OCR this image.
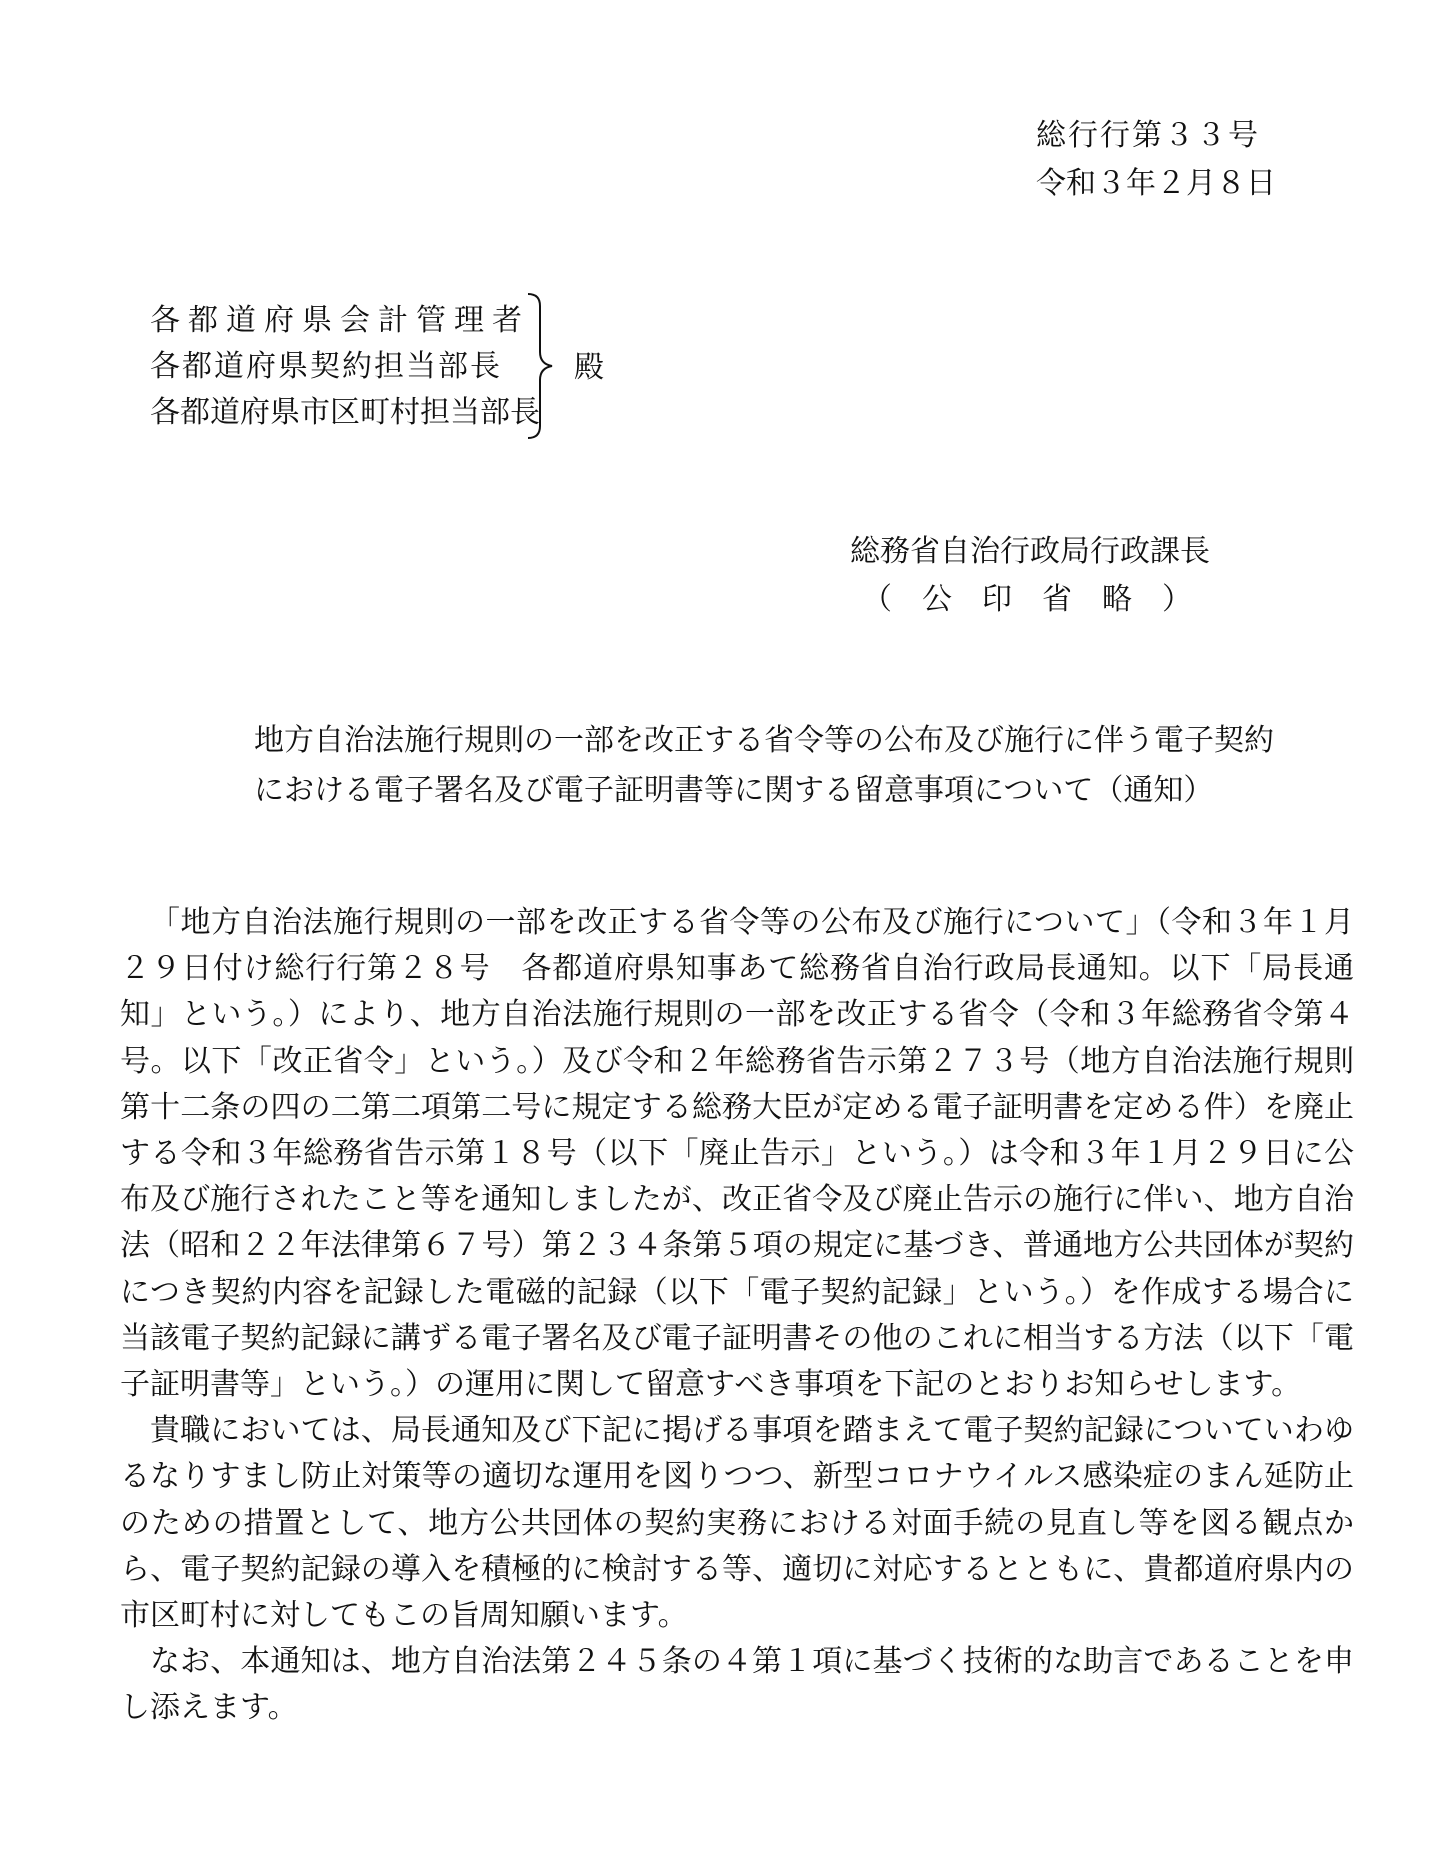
総行行第３３号
令和３年２月８日
各都道府県会計管理者
各都道府県契約担当部長
各都道府県市区町村担当部長
殿
総務省自治行政局行政課長
（公印省略）
地方自治法施行規則の一部を改正する省令等の公布及び施行に伴う電子契約
における電子署名及び電子証明書等に関する留意事項について（通知）

「地方自治法施行規則の一部を改正する省令等の公布及び施行について」（令和３年１月２９日付け総行行第２８号　各都道府県知事あて総務省自治行政局長通知。以下「局長通知」という。）により、地方自治法施行規則の一部を改正する省令（令和３年総務省令第４号。以下「改正省令」という。）及び令和２年総務省告示第２７３号（地方自治法施行規則第十二条の四の二第二項第二号に規定する総務大臣が定める電子証明書を定める件）を廃止する令和３年総務省告示第１８号（以下「廃止告示」という。）は令和３年１月２９日に公布及び施行されたこと等を通知しましたが、改正省令及び廃止告示の施行に伴い、地方自治法（昭和２２年法律第６７号）第２３４条第５項の規定に基づき、普通地方公共団体が契約につき契約内容を記録した電磁的記録（以下「電子契約記録」という。）を作成する場合に当該電子契約記録に講ずる電子署名及び電子証明書その他のこれに相当する方法（以下「電子証明書等」という。）の運用に関して留意すべき事項を下記のとおりお知らせします。

貴職においては、局長通知及び下記に掲げる事項を踏まえて電子契約記録についていわゆるなりすまし防止対策等の適切な運用を図りつつ、新型コロナウイルス感染症のまん延防止のための措置として、地方公共団体の契約実務における対面手続の見直し等を図る観点から、電子契約記録の導入を積極的に検討する等、適切に対応するとともに、貴都道府県内の市区町村に対してもこの旨周知願います。

なお、本通知は、地方自治法第２４５条の４第１項に基づく技術的な助言であることを申し添えます。
